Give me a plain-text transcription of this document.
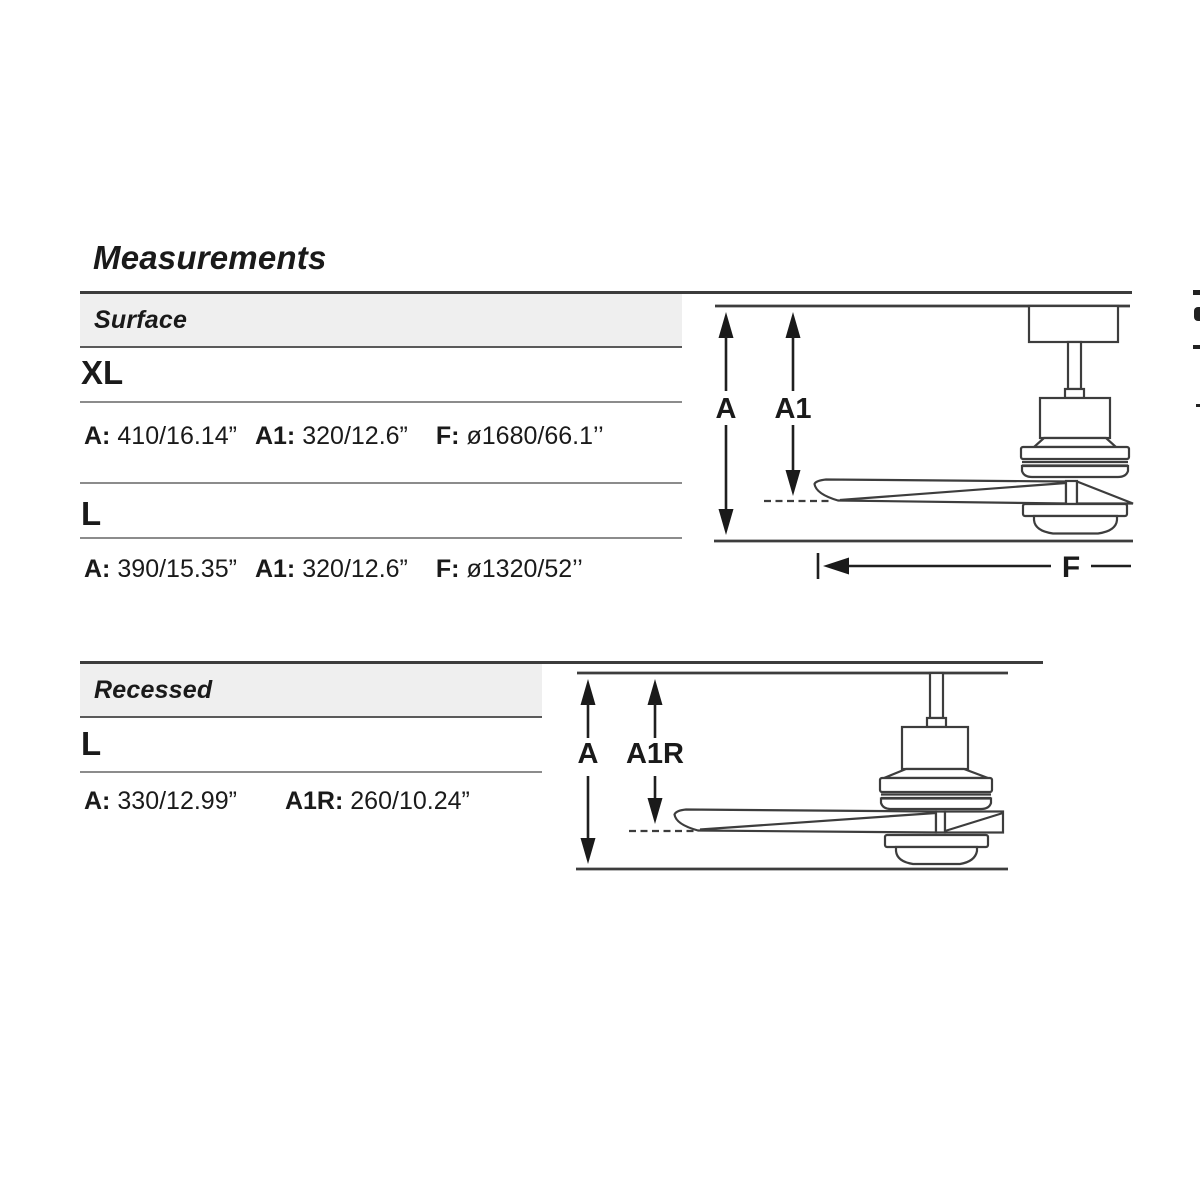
Measurements
Surface
XL
A: 410/16.14” A1: 320/12.6” F: ø1680/66.1’’
L
A: 390/15.35” A1: 320/12.6” F: ø1320/52’’
A A1
F
Recessed
L
A: 330/12.99” A1R: 260/10.24”
A A1R
